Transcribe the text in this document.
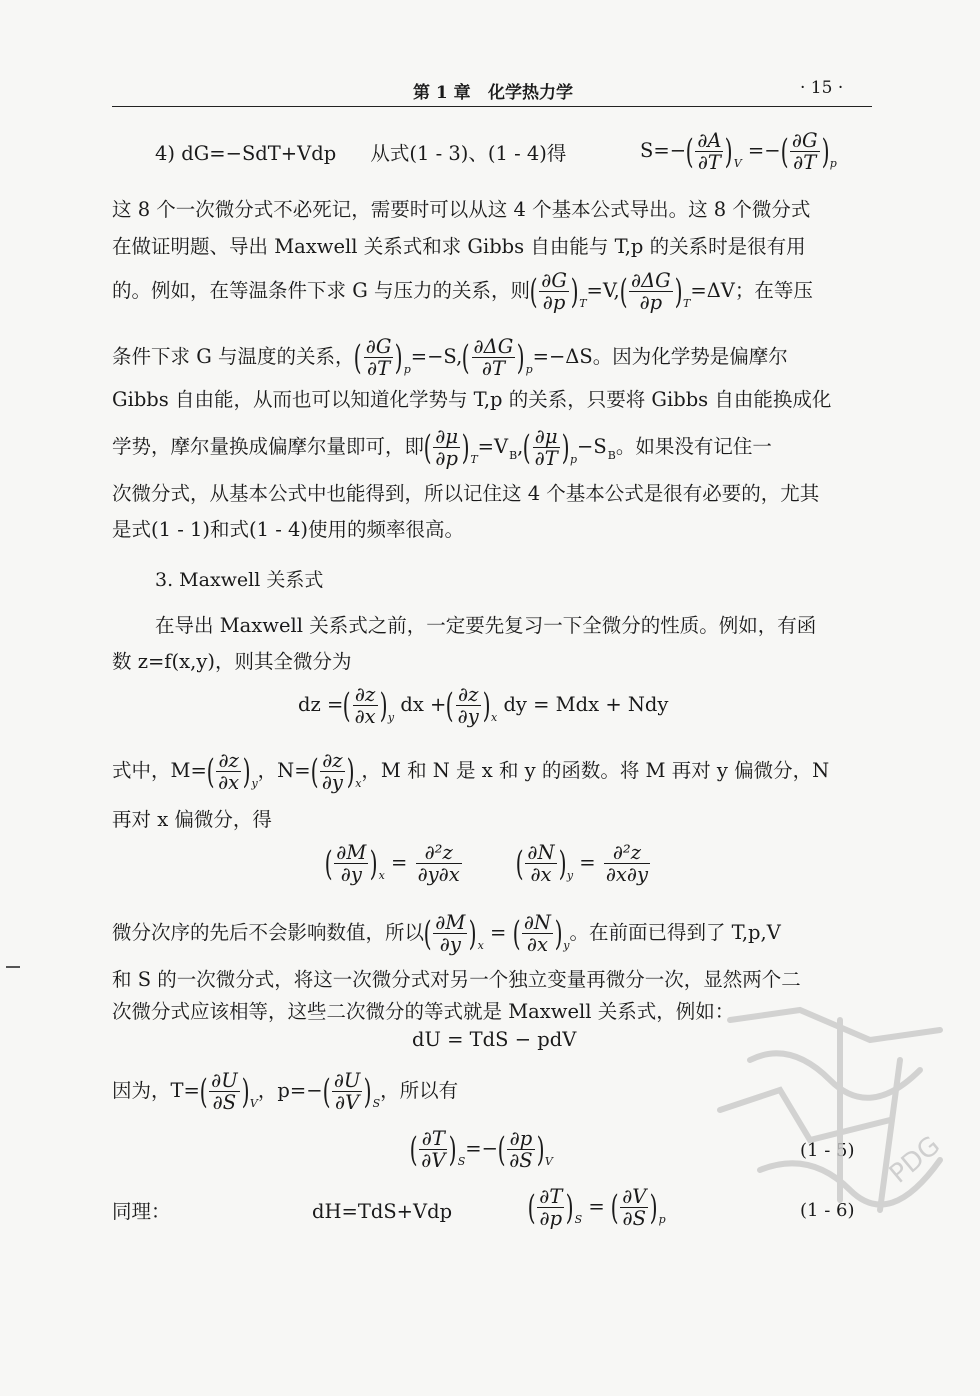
第 1 章 化学热力学	· 15 ·
4) dG=−SdT+Vdp 从式(1 - 3)、(1 - 4)得	$S=-( \frac{\partial A}{\partial T} )_V$ =−( $\frac{\partial G}{\partial T} )_p$
这 8 个一次微分式不必死记，需要时可以从这 4 个基本公式导出。这 8 个微分式
在做证明题、导出 Maxwell 关系式和求 Gibbs 自由能与 T,p 的关系时是很有用
的。例如，在等温条件下求 G 与压力的关系，则( $\frac{\partial G}{\partial p} )_T=V,( \frac{\partial\Delta G}{\partial p} )_T=\Delta V$；在等压
条件下求 G 与温度的关系，( $\frac{\partial G}{\partial T} )_p=-S,( \frac{\partial\Delta G}{\partial T} )_p=-\Delta S$。因为化学势是偏摩尔
Gibbs 自由能，从而也可以知道化学势与 T,p 的关系，只要将 Gibbs 自由能换成化
学势，摩尔量换成偏摩尔量即可，即( $\frac{\partial\mu}{\partial p} )_T=V_B,( \frac{\partial\mu}{\partial T} )_p-S_B$。如果没有记住一
次微分式，从基本公式中也能得到，所以记住这 4 个基本公式是很有必要的，尤其
是式(1 - 1)和式(1 - 4)使用的频率很高。
3. Maxwell 关系式
在导出 Maxwell 关系式之前，一定要先复习一下全微分的性质。例如，有函
数 z=f(x,y)，则其全微分为
dz =( $\frac{\partial z}{\partial x} )_y$ dx +( $\frac{\partial z}{\partial y} )_x$ dy = Mdx + Ndy
式中，$M=( \frac{\partial z}{\partial x} )_y$，$N=( \frac{\partial z}{\partial y} )_x$，M 和 N 是 x 和 y 的函数。将 M 再对 y 偏微分，N
再对 x 偏微分，得
( $\frac{\partial M}{\partial y} )_x = \frac{\text{∂²z}}{\partial y\partial x}$ ( $\frac{\partial N}{\partial x} )_y = \frac{\text{∂²z}}{\partial x\partial y}$
微分次序的先后不会影响数值，所以( $\frac{\partial M}{\partial y} )_x$ = ( $\frac{\partial N}{\partial x} )_y$。在前面已得到了 T,p,V
和 S 的一次微分式，将这一次微分式对另一个独立变量再微分一次，显然两个二
次微分式应该相等，这些二次微分的等式就是 Maxwell 关系式，例如：
dU = TdS − pdV
因为，$T=( \frac{\partial U}{\partial S} )_V$，$p=-( \frac{\partial U}{\partial V} )_S$，所以有
( $\frac{\partial T}{\partial V} )_S=-( \frac{\partial p}{\partial S} )_V$
(1 - 5)
同理：	dH=TdS+Vdp ( $\frac{\partial T}{\partial p} )_S$ = ( $\frac{\partial V}{\partial S} )_p$	(1 - 6)
PDG
